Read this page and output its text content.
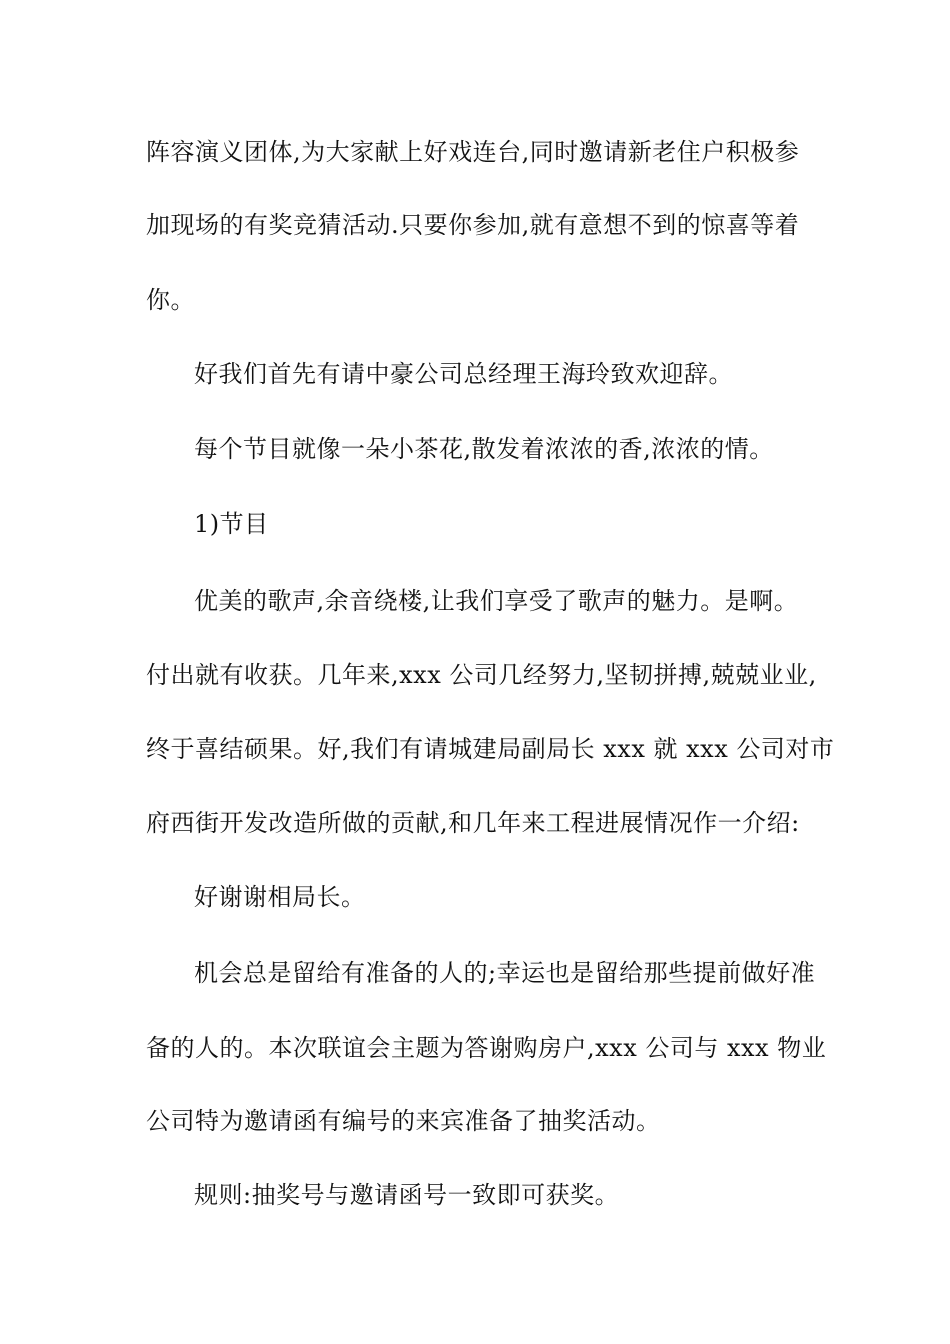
阵容演义团体,为大家献上好戏连台,同时邀请新老住户积极参
加现场的有奖竞猜活动.只要你参加,就有意想不到的惊喜等着
你。
好我们首先有请中豪公司总经理王海玲致欢迎辞。
每个节目就像一朵小茶花,散发着浓浓的香,浓浓的情。
1)节目
优美的歌声,余音绕楼,让我们享受了歌声的魅力。是啊。
付出就有收获。几年来,xxx 公司几经努力,坚韧拼搏,兢兢业业,
终于喜结硕果。好,我们有请城建局副局长 xxx 就 xxx 公司对市
府西街开发改造所做的贡献,和几年来工程进展情况作一介绍:
好谢谢相局长。
机会总是留给有准备的人的;幸运也是留给那些提前做好准
备的人的。本次联谊会主题为答谢购房户,xxx 公司与 xxx 物业
公司特为邀请函有编号的来宾准备了抽奖活动。
规则:抽奖号与邀请函号一致即可获奖。
